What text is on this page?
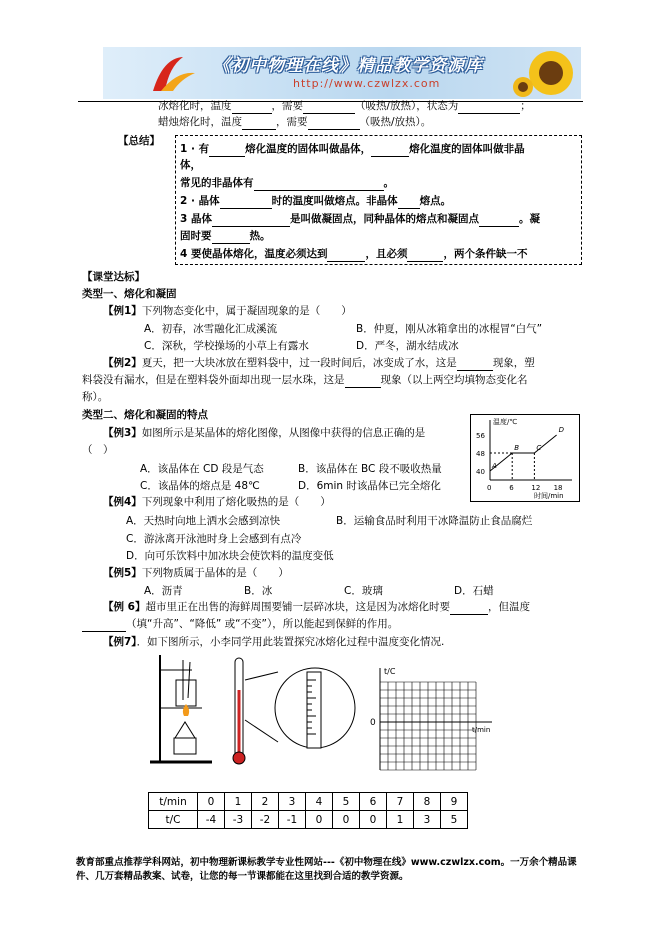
《初中物理在线》精品教学资源库
http://www.czwlzx.com
冰熔化时，温度	，需要	（吸热/放热），状态为	；
蜡烛熔化时，温度	，需要	（吸热/放热）。
【总结】
1 · 有	熔化温度的固体叫做晶体，	熔化温度的固体叫做非晶
体，
常见的非晶体有	。
2 · 晶体	时的温度叫做熔点。非晶体 熔点。
3 晶体	是叫做凝固点，同种晶体的熔点和凝固点	。凝
固时要	热。
4 要使晶体熔化，温度必须达到	，且必须	，两个条件缺一不
【课堂达标】
类型一、熔化和凝固
【例1】下列物态变化中，属于凝固现象的是（　　）
A．初春，冰雪融化汇成溪流	B．仲夏，刚从冰箱拿出的冰棍冒“白气”
C．深秋，学校操场的小草上有露水	D．严冬，湖水结成冰
【例2】夏天，把一大块冰放在塑料袋中，过一段时间后，冰变成了水，这是	现象，塑
料袋没有漏水，但是在塑料袋外面却出现一层水珠，这是	现象（以上两空均填物态变化名
称）。
类型二、熔化和凝固的特点
【例3】如图所示是某晶体的熔化图像，从图像中获得的信息正确的是
（　）
A．该晶体在 CD 段是气态	B．该晶体在 BC 段不吸收热量
C．该晶体的熔点是 48℃	D．6min 时该晶体已完全熔化
温度/℃
时间/min
56
48
40
0	6	12 18
A
B C
D
【例4】下列现象中利用了熔化吸热的是（　　）
A．天热时向地上洒水会感到凉快	B．运输食品时利用干冰降温防止食品腐烂
C．游泳离开泳池时身上会感到有点冷
D．向可乐饮料中加冰块会使饮料的温度变低
【例5】下列物质属于晶体的是（　　）
A．沥青	B．冰	C．玻璃	D．石蜡
【例 6】超市里正在出售的海鲜周围要铺一层碎冰块，这是因为冰熔化时要	，但温度
（填“升高”、“降低” 或“不变”），所以能起到保鲜的作用。
【例7】．如下图所示，小李同学用此装置探究冰熔化过程中温度变化情况.
t/C
t/min
0
t/min	0	1	2	3	4	5	6	7	8	9
t/C	-4	-3	-2	-1	0	0	0	1	3	5
教育部重点推荐学科网站，初中物理新课标教学专业性网站---《初中物理在线》www.czwlzx.com。一万余个精品课
件、几万套精品教案、试卷，让您的每一节课都能在这里找到合适的教学资源。
